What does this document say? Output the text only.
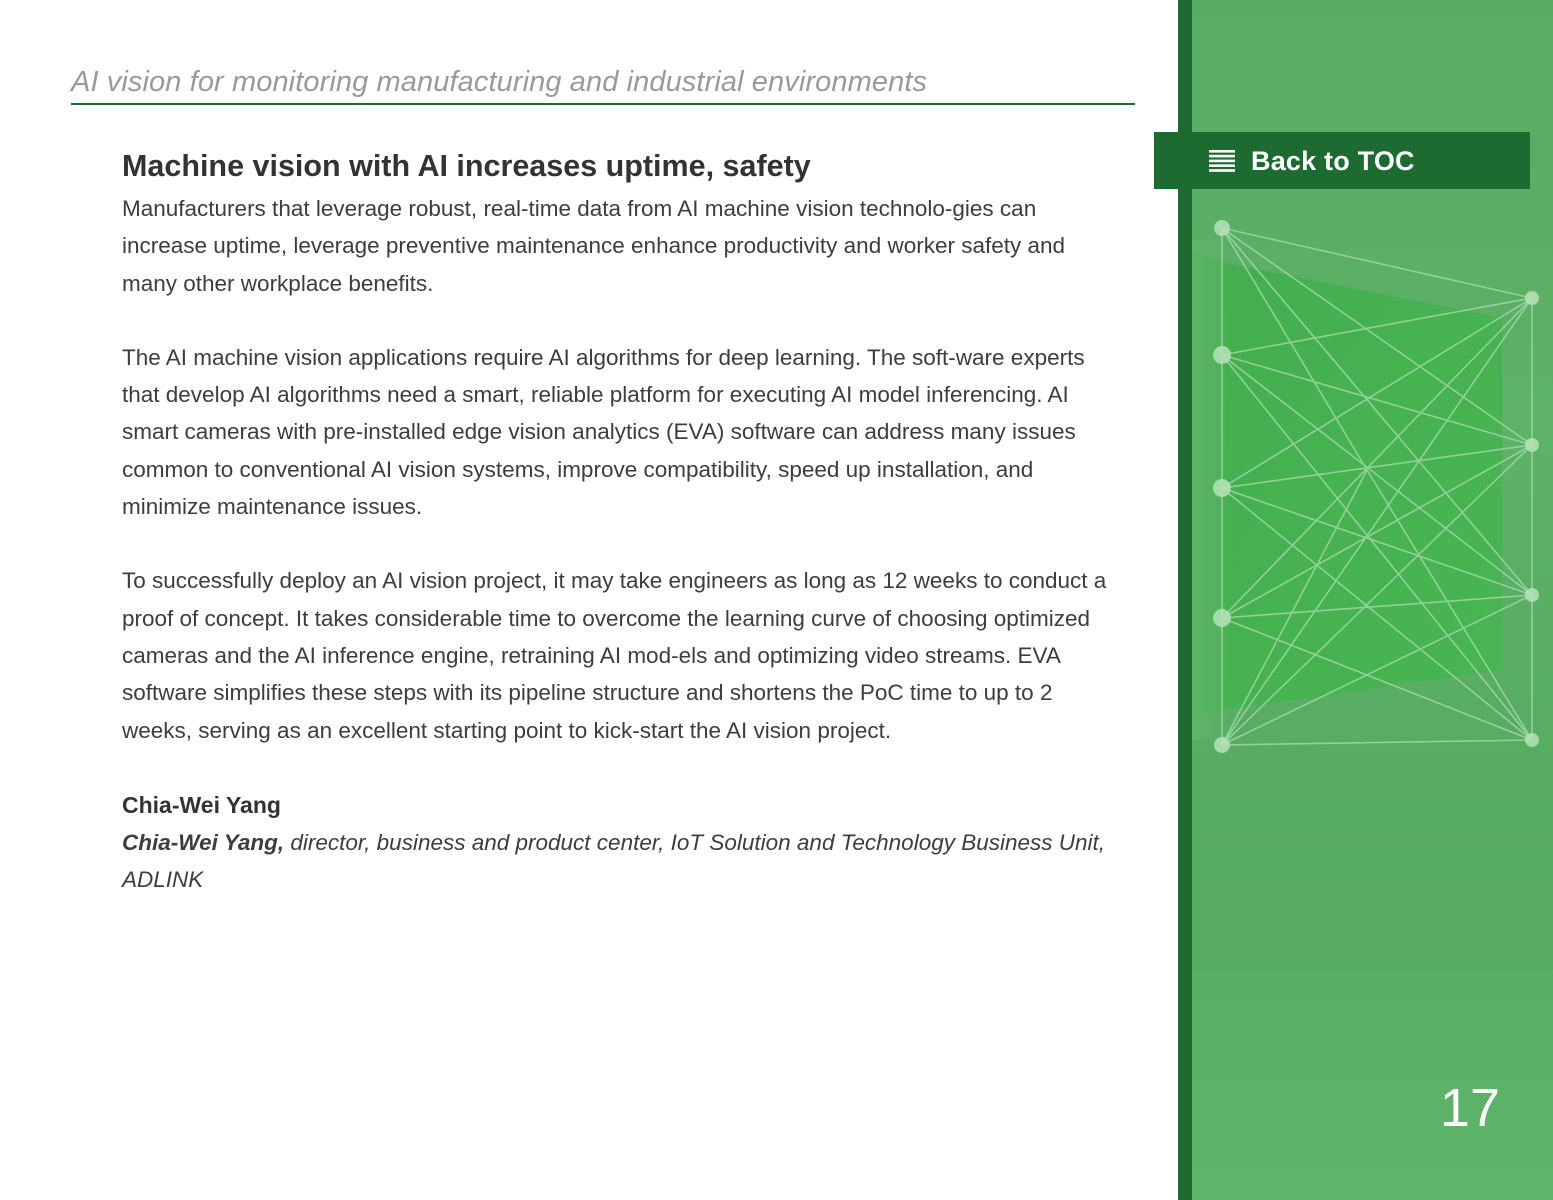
AI vision for monitoring manufacturing and industrial environments
Machine vision with AI increases uptime, safety

Manufacturers that leverage robust, real-time data from AI machine vision technolo-gies can increase uptime, leverage preventive maintenance enhance productivity and worker safety and many other workplace benefits.

The AI machine vision applications require AI algorithms for deep learning. The soft-ware experts that develop AI algorithms need a smart, reliable platform for executing AI model inferencing. AI smart cameras with pre-installed edge vision analytics (EVA) software can address many issues common to conventional AI vision systems, improve compatibility, speed up installation, and minimize maintenance issues.

To successfully deploy an AI vision project, it may take engineers as long as 12 weeks to conduct a proof of concept. It takes considerable time to overcome the learning curve of choosing optimized cameras and the AI inference engine, retraining AI mod-els and optimizing video streams. EVA software simplifies these steps with its pipeline structure and shortens the PoC time to up to 2 weeks, serving as an excellent starting point to kick-start the AI vision project.

Chia-Wei Yang

Chia-Wei Yang, director, business and product center, IoT Solution and Technology Business Unit, ADLINK

Back to TOC
17
